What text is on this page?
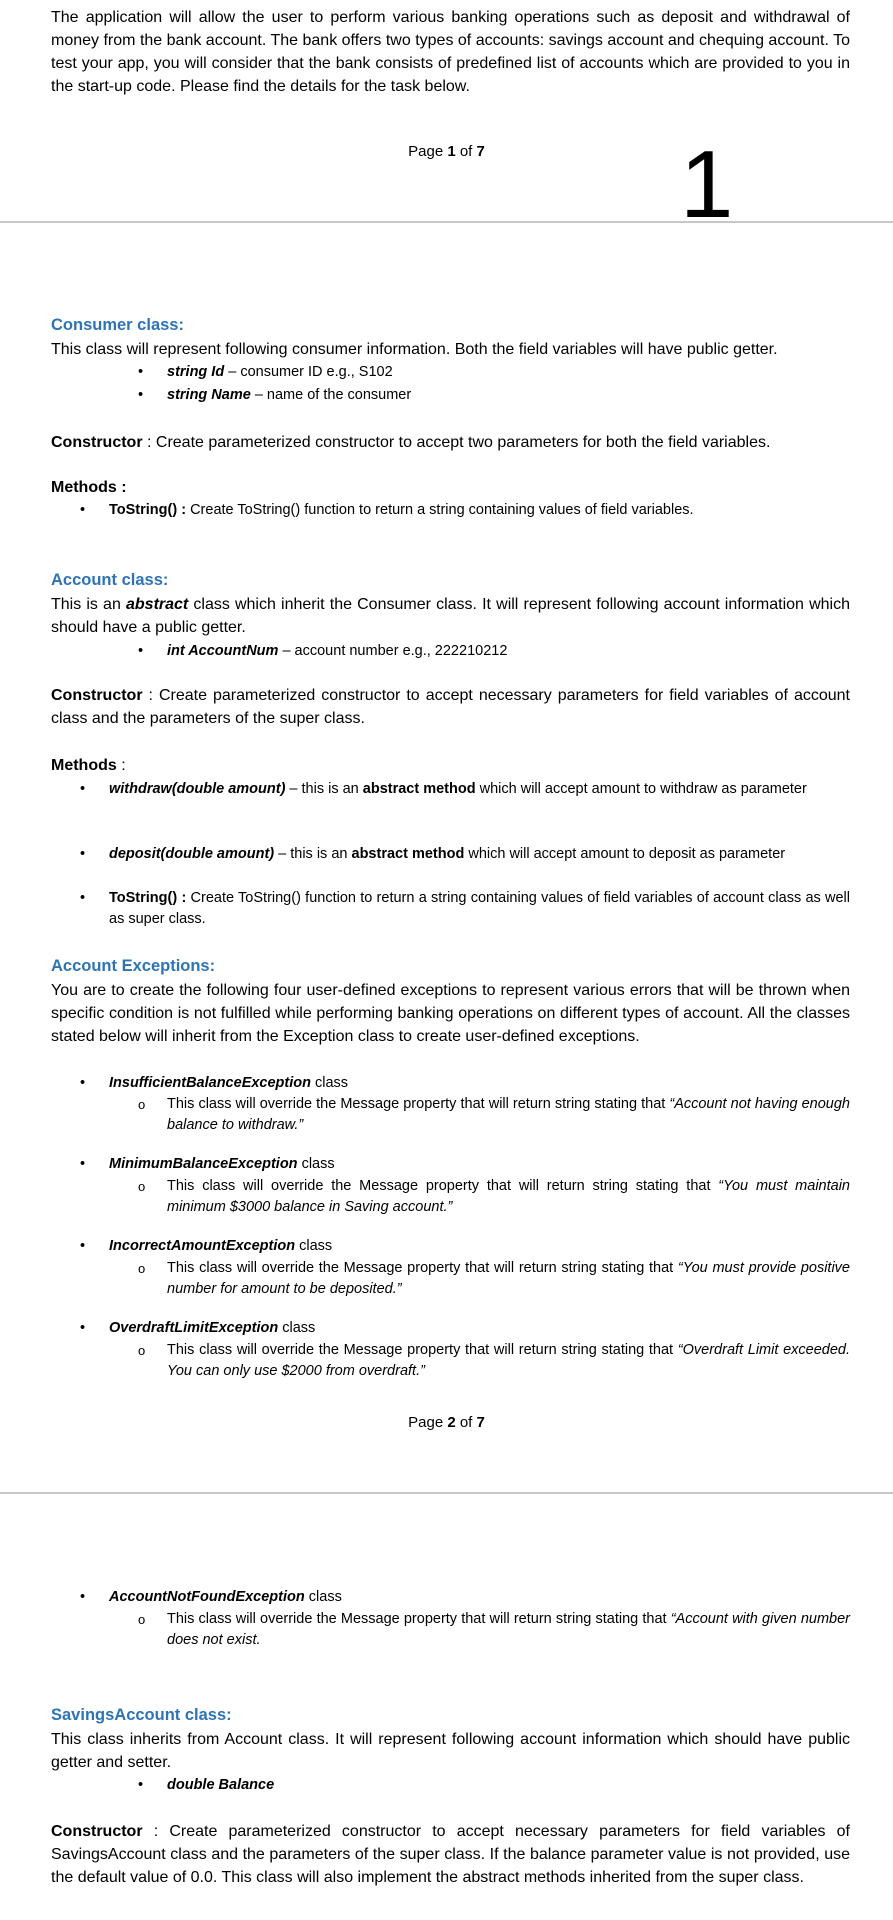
The application will allow the user to perform various banking operations such as deposit and withdrawal of money from the bank account. The bank offers two types of accounts: savings account and chequing account. To test your app, you will consider that the bank consists of predefined list of accounts which are provided to you in the start-up code. Please find the details for the task below.
Page 1 of 7	1
Consumer class:
This class will represent following consumer information. Both the field variables will have public getter.
• string Id – consumer ID e.g., S102
• string Name – name of the consumer
Constructor : Create parameterized constructor to accept two parameters for both the field variables.
Methods :
• ToString() : Create ToString() function to return a string containing values of field variables.
Account class:
This is an abstract class which inherit the Consumer class. It will represent following account information which should have a public getter.
• int AccountNum – account number e.g., 222210212
Constructor : Create parameterized constructor to accept necessary parameters for field variables of account class and the parameters of the super class.
Methods :
• withdraw(double amount) – this is an abstract method which will accept amount to withdraw as parameter
• deposit(double amount) – this is an abstract method which will accept amount to deposit as parameter
• ToString() : Create ToString() function to return a string containing values of field variables of account class as well as super class.
Account Exceptions:
You are to create the following four user-defined exceptions to represent various errors that will be thrown when specific condition is not fulfilled while performing banking operations on different types of account. All the classes stated below will inherit from the Exception class to create user-defined exceptions.
• InsufficientBalanceException class
o This class will override the Message property that will return string stating that “Account not having enough balance to withdraw.”
• MinimumBalanceException class
o This class will override the Message property that will return string stating that “You must maintain minimum $3000 balance in Saving account.”
• IncorrectAmountException class
o This class will override the Message property that will return string stating that “You must provide positive number for amount to be deposited.”
• OverdraftLimitException class
o This class will override the Message property that will return string stating that “Overdraft Limit exceeded. You can only use $2000 from overdraft.”
Page 2 of 7
• AccountNotFoundException class
o This class will override the Message property that will return string stating that “Account with given number does not exist.
SavingsAccount class:
This class inherits from Account class. It will represent following account information which should have public getter and setter.
• double Balance
Constructor : Create parameterized constructor to accept necessary parameters for field variables of SavingsAccount class and the parameters of the super class. If the balance parameter value is not provided, use the default value of 0.0. This class will also implement the abstract methods inherited from the super class.
